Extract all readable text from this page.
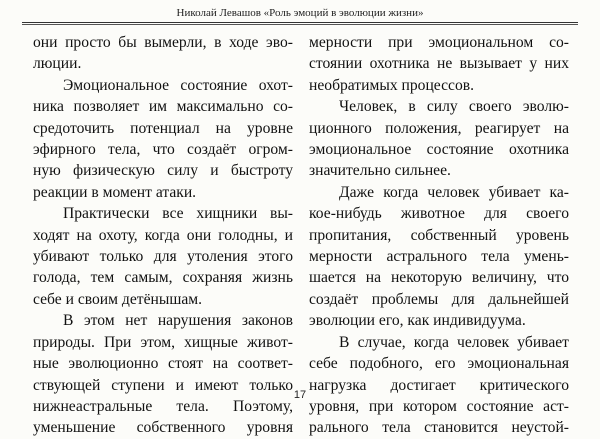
Николай Левашов «Роль эмоций в эволюции жизни»
они просто бы вымерли, в ходе эво-
люции.
Эмоциональное состояние охот-
ника позволяет им максимально со-
средоточить потенциал на уровне
эфирного тела, что создаёт огром-
ную физическую силу и быстроту
реакции в момент атаки.
Практически все хищники вы-
ходят на охоту, когда они голодны, и
убивают только для утоления этого
голода, тем самым, сохраняя жизнь
себе и своим детёнышам.
В этом нет нарушения законов
природы. При этом, хищные живот-
ные эволюционно стоят на соответ-
ствующей ступени и имеют только
нижнеастральные тела. Поэтому,
уменьшение собственного уровня
мерности при эмоциональном со-
стоянии охотника не вызывает у них
необратимых процессов.
Человек, в силу своего эволю-
ционного положения, реагирует на
эмоциональное состояние охотника
значительно сильнее.
Даже когда человек убивает ка-
кое-нибудь животное для своего
пропитания, собственный уровень
мерности астрального тела умень-
шается на некоторую величину, что
создаёт проблемы для дальнейшей
эволюции его, как индивидуума.
В случае, когда человек убивает
себе подобного, его эмоциональная
нагрузка достигает критического
уровня, при котором состояние аст-
рального тела становится неустой-
17
